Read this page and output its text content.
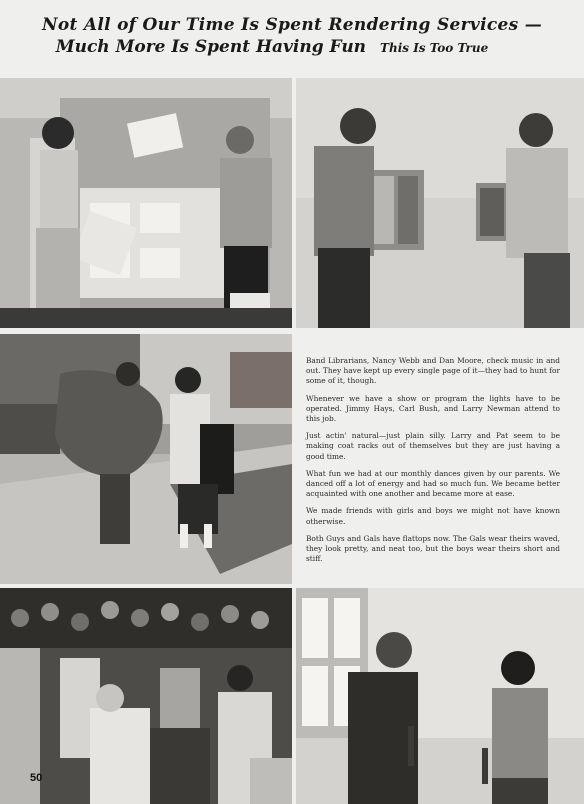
Not All of Our Time Is Spent Rendering Services —
Much More Is Spent Having Fun This Is Too True

Band Librarians, Nancy Webb and Dan Moore, check music in and out. They have kept up every single page of it—they had to hunt for some of it, though.

Whenever we have a show or program the lights have to be operated. Jimmy Hays, Carl Bush, and Larry Newman attend to this job.

Just actin' natural—just plain silly. Larry and Pat seem to be making coat racks out of themselves but they are just having a good time.

What fun we had at our monthly dances given by our parents. We danced off a lot of energy and had so much fun. We became better acquainted with one another and became more at ease.

We made friends with girls and boys we might not have known otherwise.

Both Guys and Gals have flattops now. The Gals wear theirs waved, they look pretty, and neat too, but the boys wear theirs short and stiff.

50
